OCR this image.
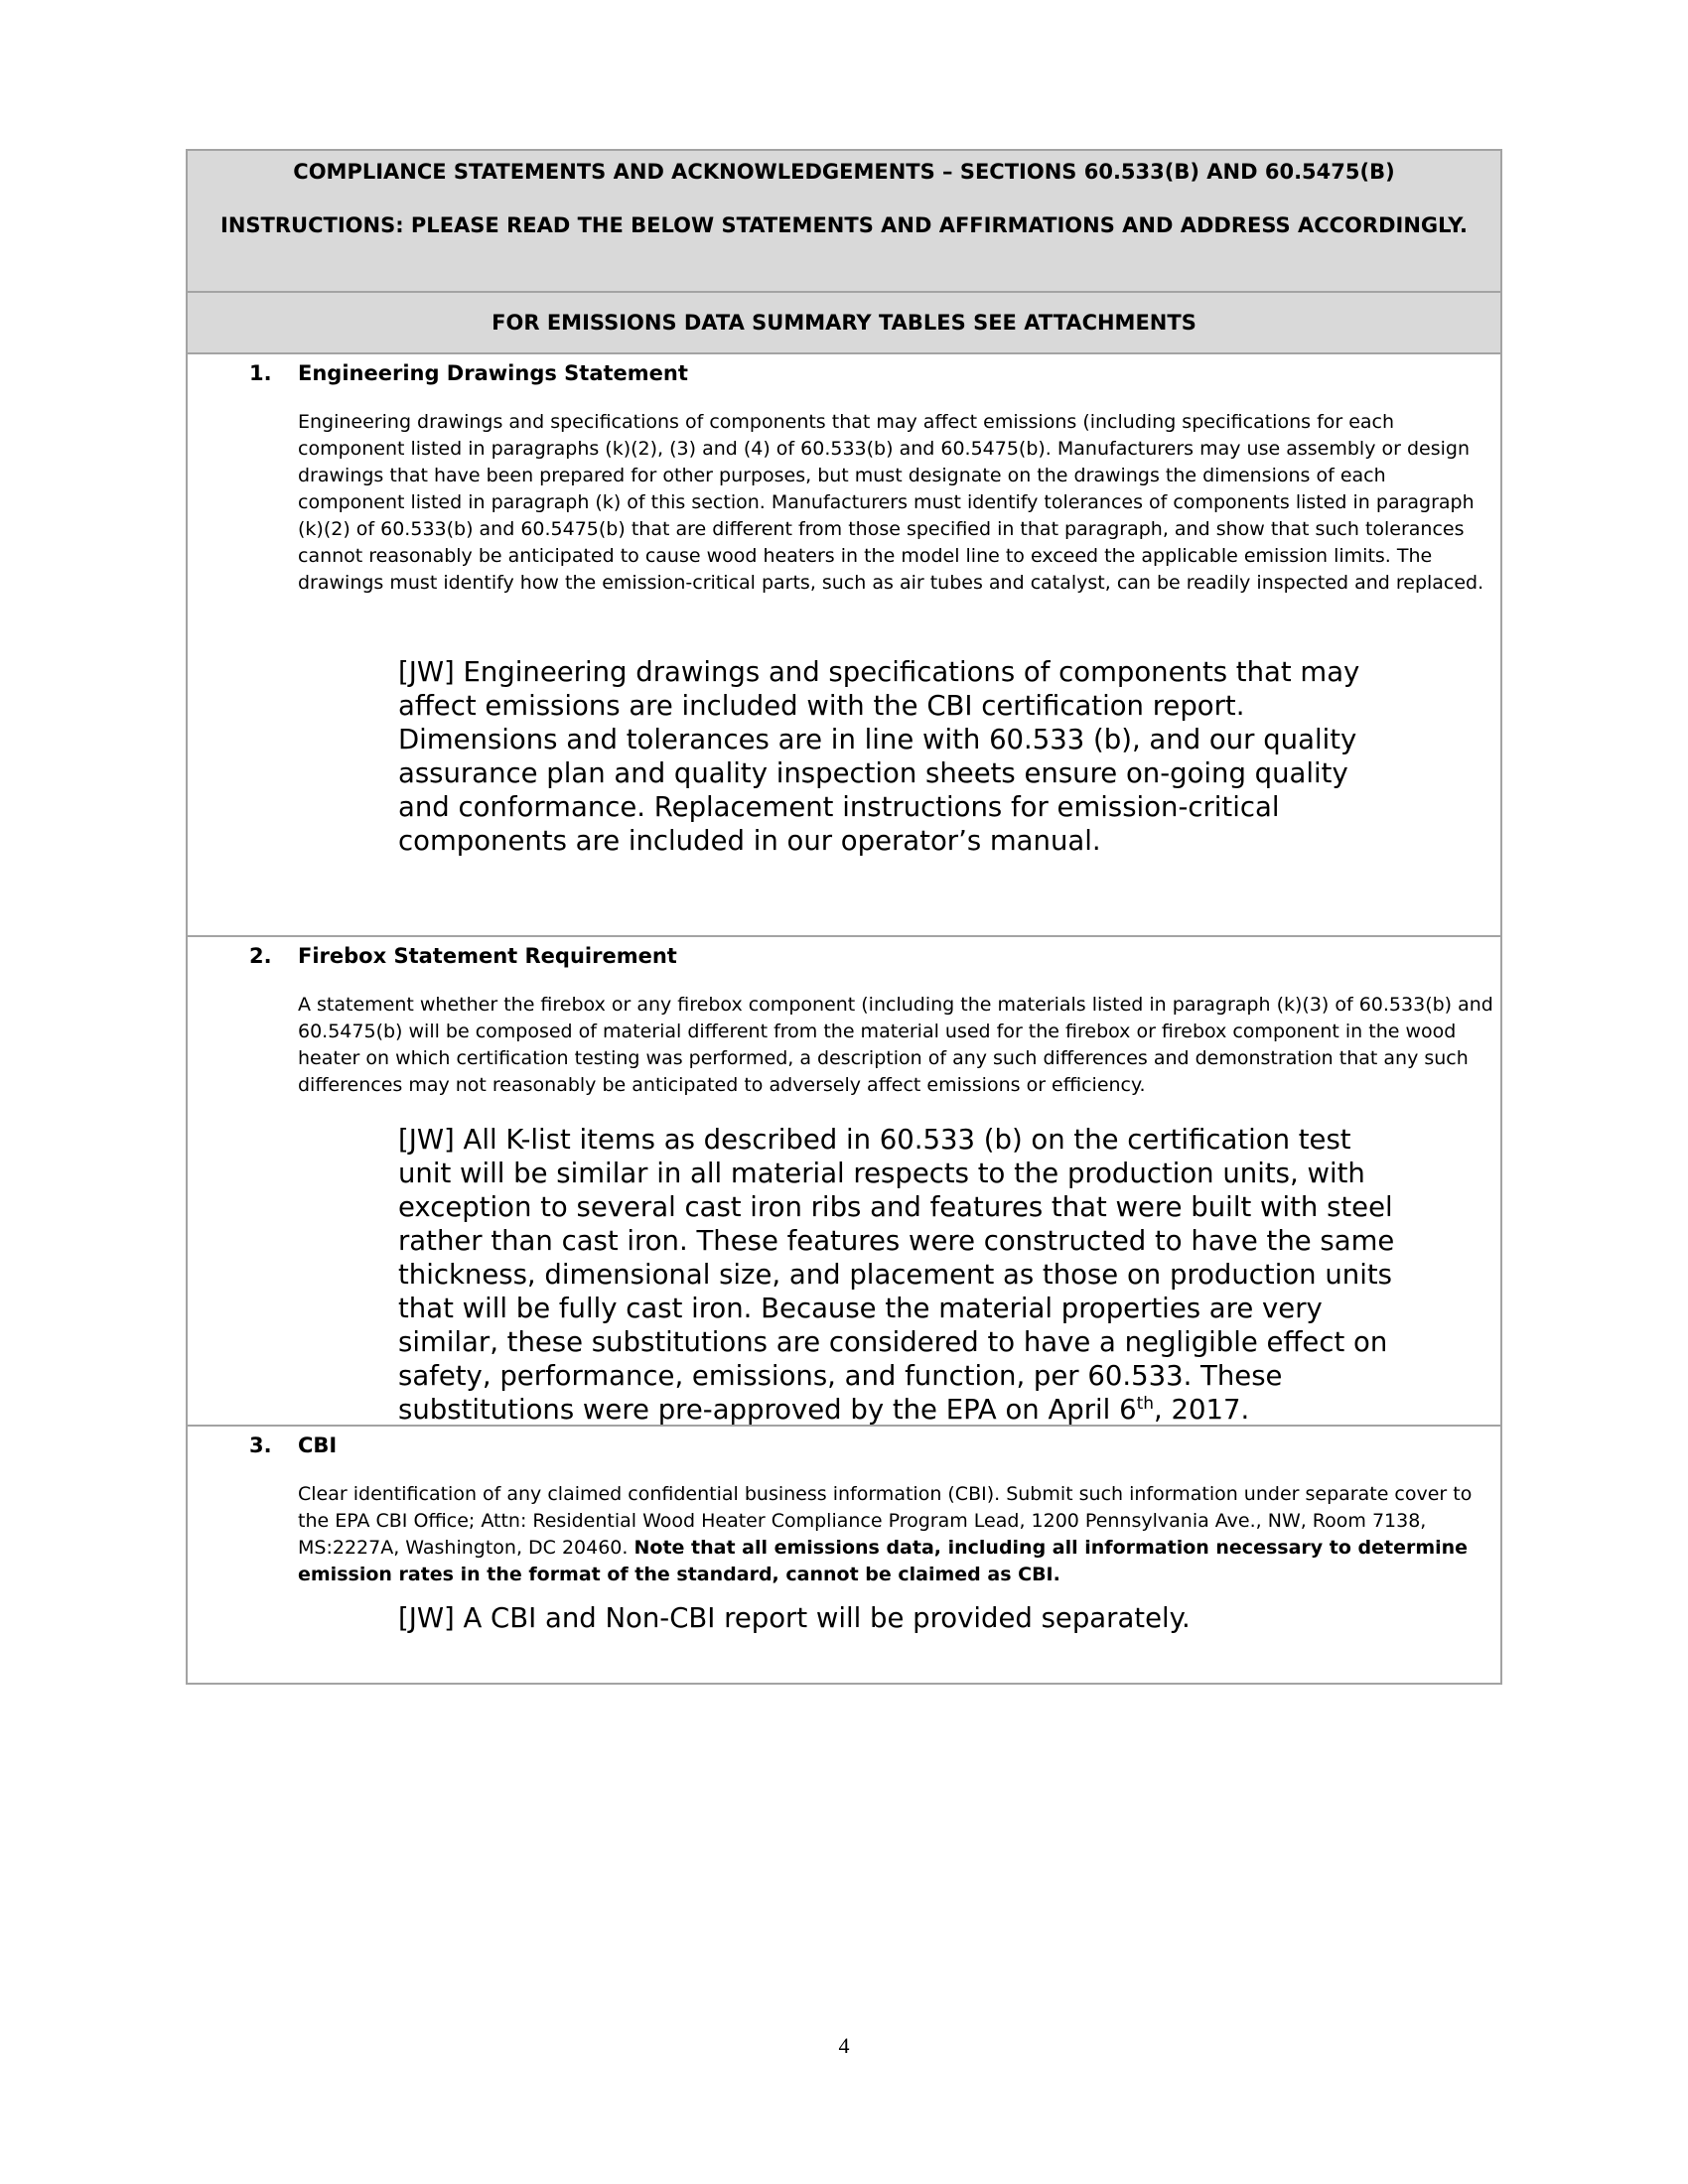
COMPLIANCE STATEMENTS AND ACKNOWLEDGEMENTS – SECTIONS 60.533(B) AND 60.5475(B)
INSTRUCTIONS: PLEASE READ THE BELOW STATEMENTS AND AFFIRMATIONS AND ADDRESS ACCORDINGLY.
FOR EMISSIONS DATA SUMMARY TABLES SEE ATTACHMENTS
1. Engineering Drawings Statement
Engineering drawings and specifications of components that may affect emissions (including specifications for each component listed in paragraphs (k)(2), (3) and (4) of 60.533(b) and 60.5475(b). Manufacturers may use assembly or design drawings that have been prepared for other purposes, but must designate on the drawings the dimensions of each component listed in paragraph (k) of this section. Manufacturers must identify tolerances of components listed in paragraph (k)(2) of 60.533(b) and 60.5475(b) that are different from those specified in that paragraph, and show that such tolerances cannot reasonably be anticipated to cause wood heaters in the model line to exceed the applicable emission limits. The drawings must identify how the emission-critical parts, such as air tubes and catalyst, can be readily inspected and replaced.
[JW] Engineering drawings and specifications of components that may affect emissions are included with the CBI certification report. Dimensions and tolerances are in line with 60.533 (b), and our quality assurance plan and quality inspection sheets ensure on-going quality and conformance. Replacement instructions for emission-critical components are included in our operator’s manual.
2. Firebox Statement Requirement
A statement whether the firebox or any firebox component (including the materials listed in paragraph (k)(3) of 60.533(b) and 60.5475(b) will be composed of material different from the material used for the firebox or firebox component in the wood heater on which certification testing was performed, a description of any such differences and demonstration that any such differences may not reasonably be anticipated to adversely affect emissions or efficiency.
[JW] All K-list items as described in 60.533 (b) on the certification test unit will be similar in all material respects to the production units, with exception to several cast iron ribs and features that were built with steel rather than cast iron. These features were constructed to have the same thickness, dimensional size, and placement as those on production units that will be fully cast iron. Because the material properties are very similar, these substitutions are considered to have a negligible effect on safety, performance, emissions, and function, per 60.533. These substitutions were pre-approved by the EPA on April 6th, 2017.
3. CBI
Clear identification of any claimed confidential business information (CBI). Submit such information under separate cover to the EPA CBI Office; Attn: Residential Wood Heater Compliance Program Lead, 1200 Pennsylvania Ave., NW, Room 7138, MS:2227A, Washington, DC 20460. Note that all emissions data, including all information necessary to determine emission rates in the format of the standard, cannot be claimed as CBI.
[JW] A CBI and Non-CBI report will be provided separately.
4
